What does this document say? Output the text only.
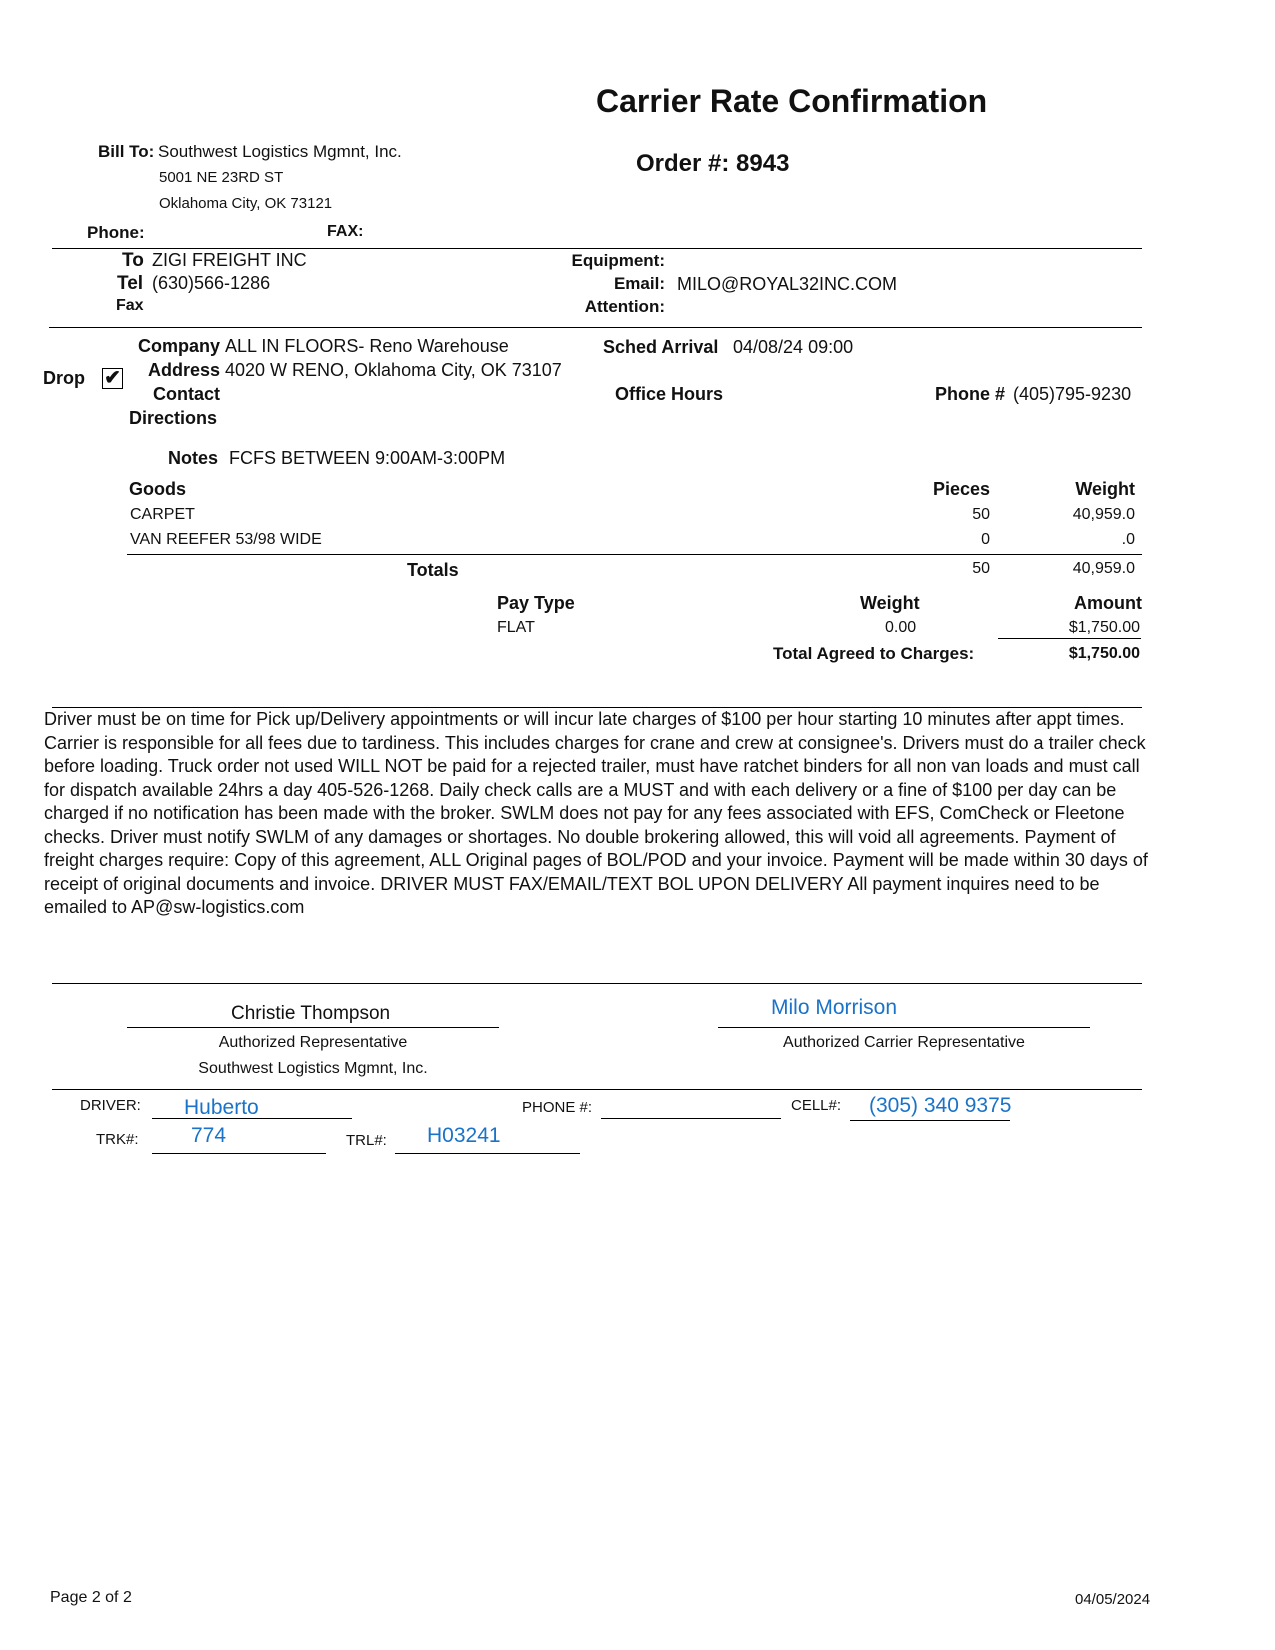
Carrier Rate Confirmation
Order #: 8943
Bill To: Southwest Logistics Mgmnt, Inc.
5001 NE 23RD ST
Oklahoma City, OK 73121
Phone:	FAX:
To ZIGI FREIGHT INC
Tel (630)566-1286
Fax
Equipment:
Email: MILO@ROYAL32INC.COM
Attention:
Drop ✔
Company ALL IN FLOORS- Reno Warehouse
Address 4020 W RENO, Oklahoma City, OK 73107
Contact
Directions
Sched Arrival 04/08/24 09:00
Office Hours	Phone # (405)795-9230
Notes FCFS BETWEEN 9:00AM-3:00PM
Goods	Pieces	Weight
CARPET	50	40,959.0
VAN REEFER 53/98 WIDE	0	.0
Totals	50	40,959.0
Pay Type	Weight	Amount
FLAT	0.00	$1,750.00
Total Agreed to Charges:	$1,750.00
Driver must be on time for Pick up/Delivery appointments or will incur late charges of $100 per hour starting 10 minutes after appt times. Carrier is responsible for all fees due to tardiness. This includes charges for crane and crew at consignee's. Drivers must do a trailer check before loading. Truck order not used WILL NOT be paid for a rejected trailer, must have ratchet binders for all non van loads and must call for dispatch available 24hrs a day 405-526-1268. Daily check calls are a MUST and with each delivery or a fine of $100 per day can be charged if no notification has been made with the broker. SWLM does not pay for any fees associated with EFS, ComCheck or Fleetone checks. Driver must notify SWLM of any damages or shortages. No double brokering allowed, this will void all agreements. Payment of freight charges require: Copy of this agreement, ALL Original pages of BOL/POD and your invoice. Payment will be made within 30 days of receipt of original documents and invoice. DRIVER MUST FAX/EMAIL/TEXT BOL UPON DELIVERY All payment inquires need to be emailed to AP@sw-logistics.com
Christie Thompson
Authorized Representative
Southwest Logistics Mgmnt, Inc.
Milo Morrison
Authorized Carrier Representative
DRIVER: Huberto	PHONE #:	CELL#: (305) 340 9375
TRK#: 774	TRL#: H03241
Page 2 of 2	04/05/2024
